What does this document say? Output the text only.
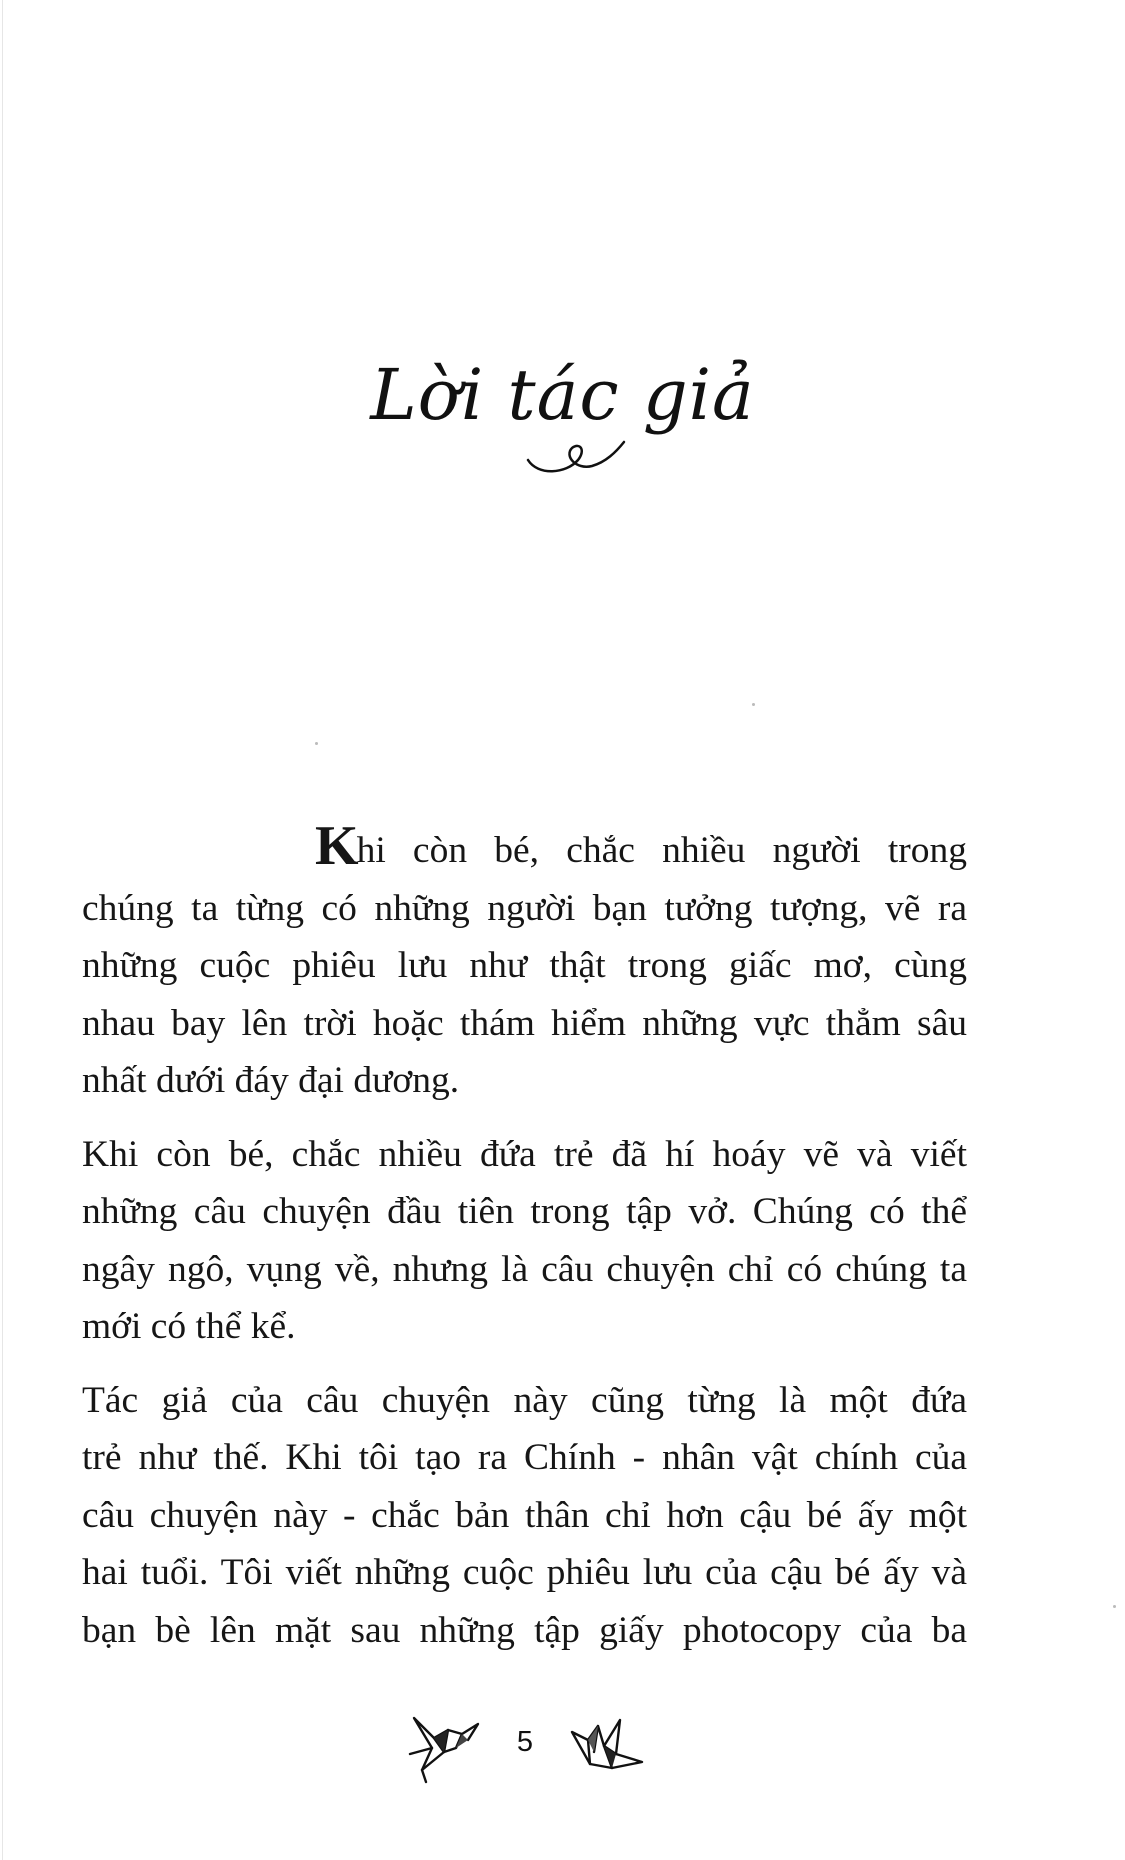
Lời tác giả
Khi còn bé, chắc nhiều người trong
chúng ta từng có những người bạn tưởng tượng, vẽ ra
những cuộc phiêu lưu như thật trong giấc mơ, cùng
nhau bay lên trời hoặc thám hiểm những vực thẳm sâu
nhất dưới đáy đại dương.
Khi còn bé, chắc nhiều đứa trẻ đã hí hoáy vẽ và viết
những câu chuyện đầu tiên trong tập vở. Chúng có thể
ngây ngô, vụng về, nhưng là câu chuyện chỉ có chúng ta
mới có thể kể.
Tác giả của câu chuyện này cũng từng là một đứa
trẻ như thế. Khi tôi tạo ra Chính - nhân vật chính của
câu chuyện này - chắc bản thân chỉ hơn cậu bé ấy một
hai tuổi. Tôi viết những cuộc phiêu lưu của cậu bé ấy và
bạn bè lên mặt sau những tập giấy photocopy của ba
5
